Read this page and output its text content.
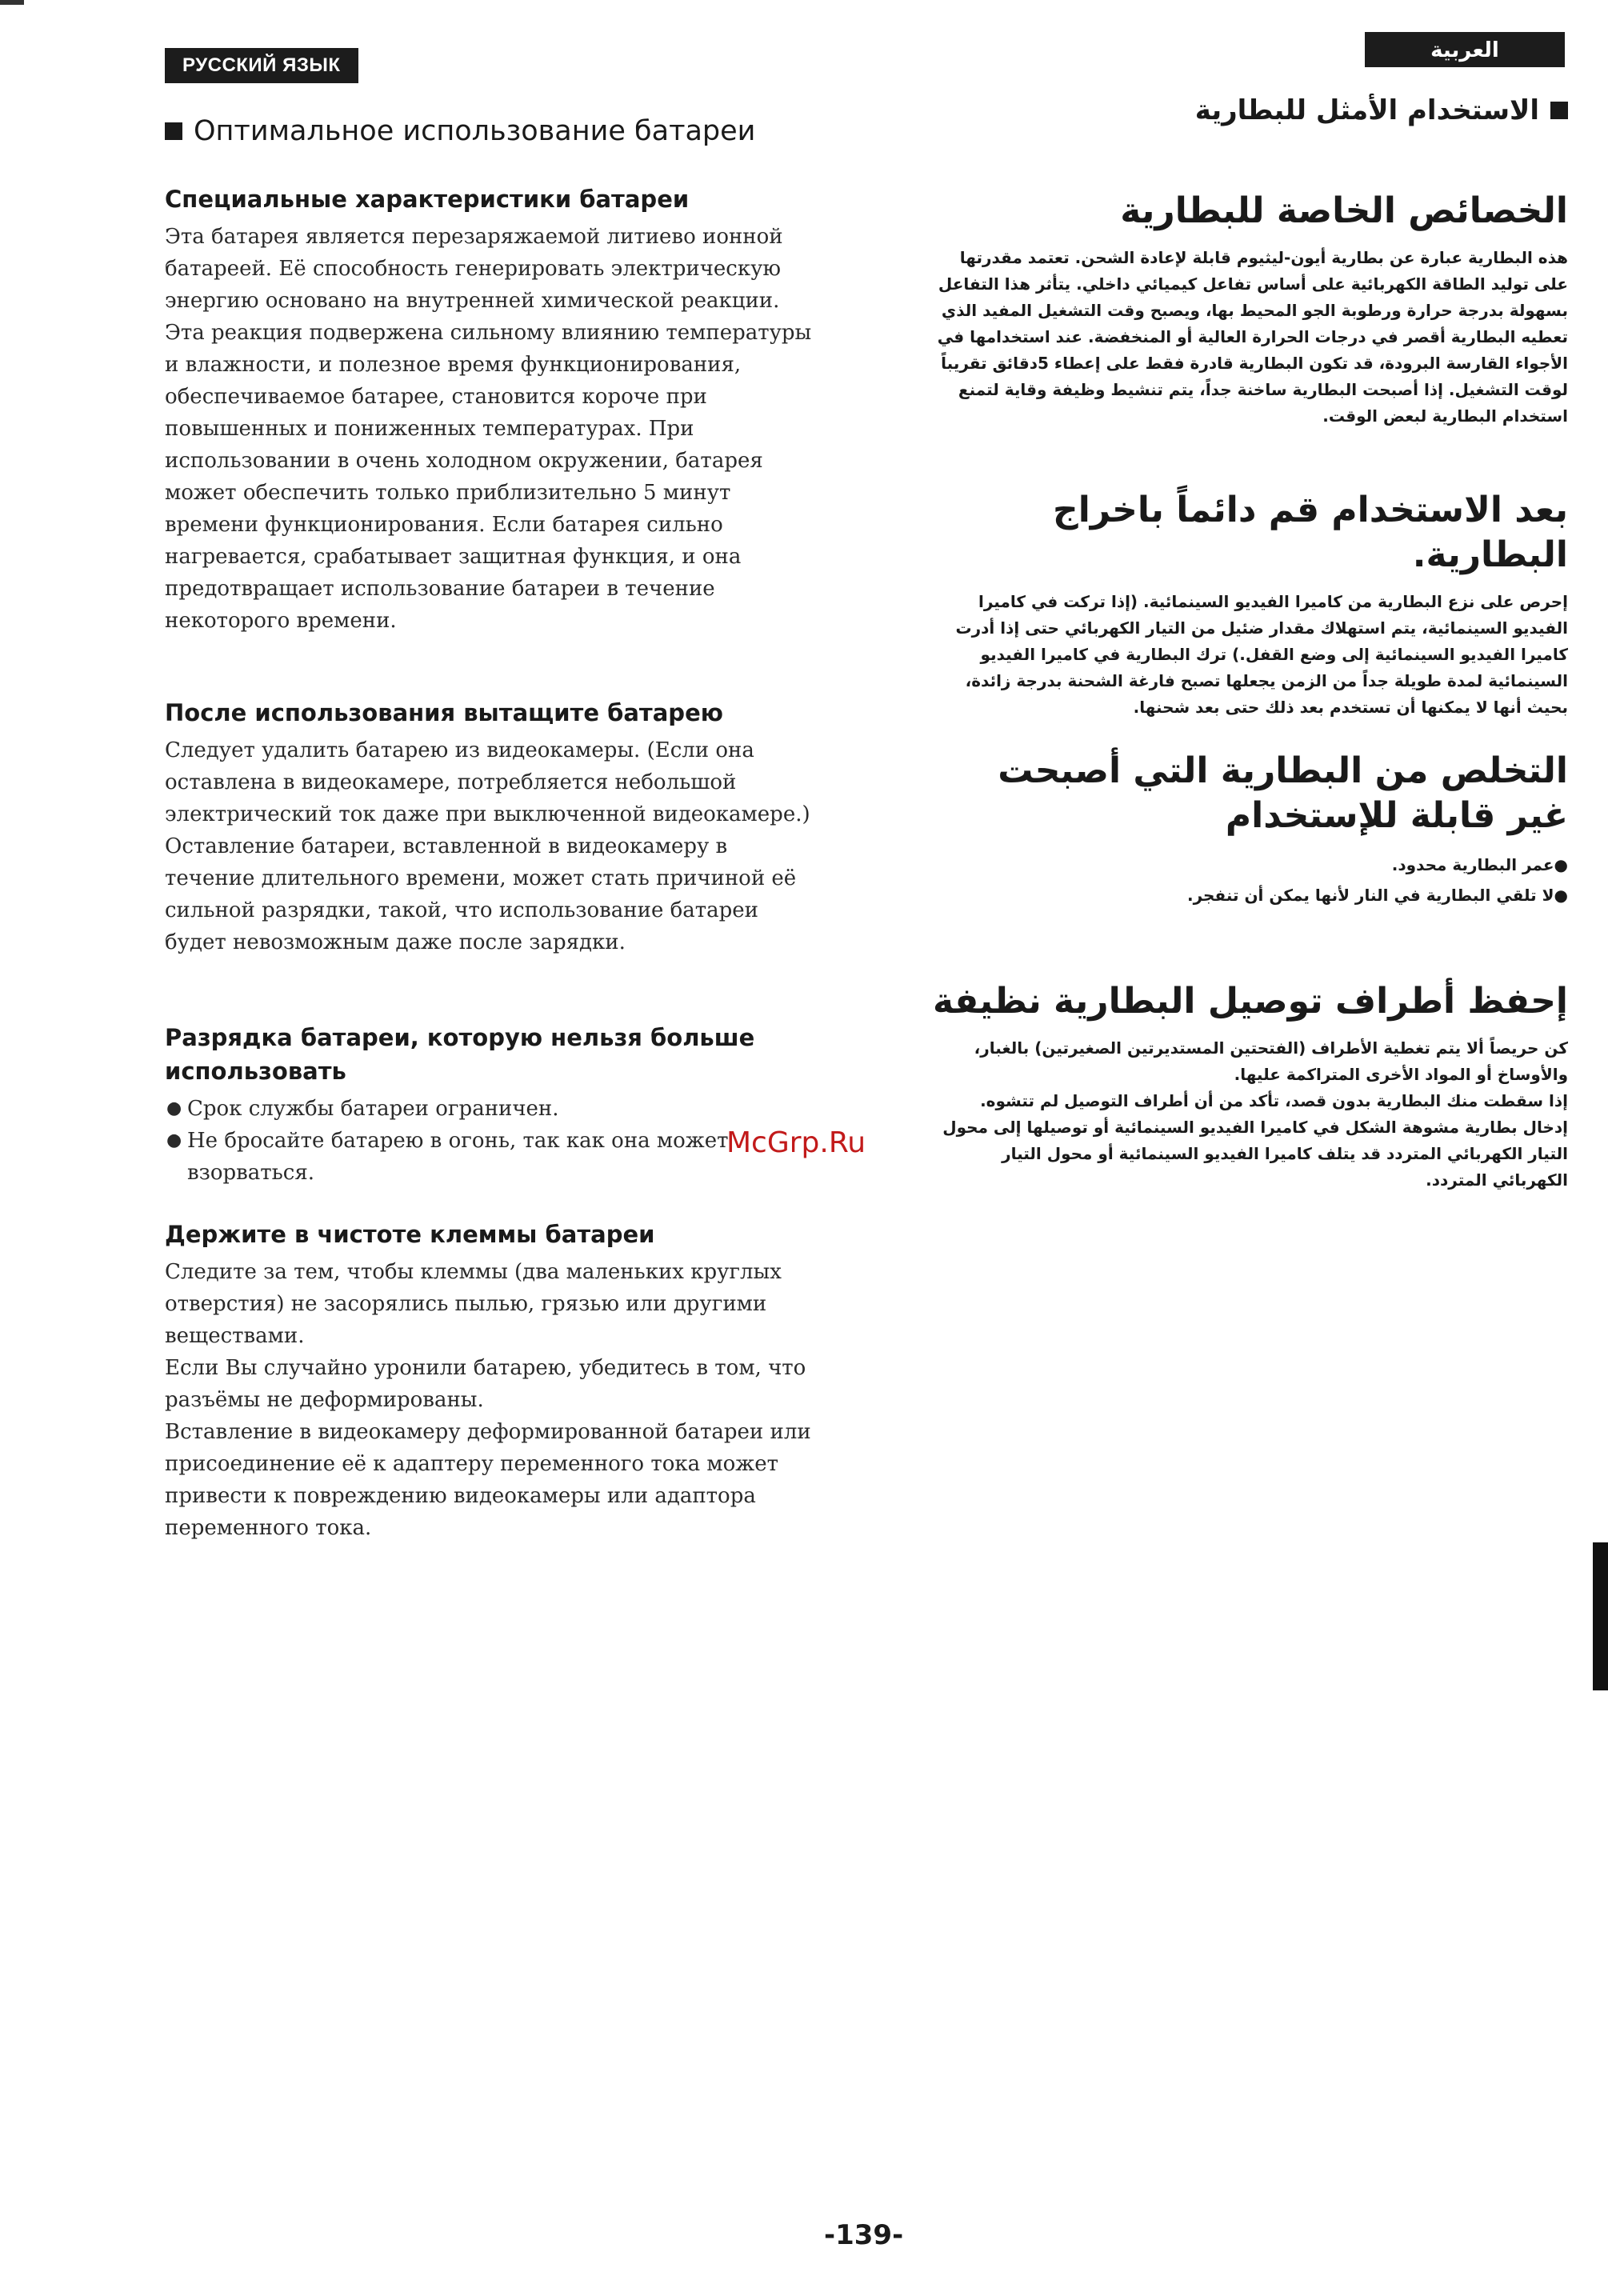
РУССКИЙ ЯЗЫК
Оптимальное использование батареи
Специальные характеристики батареи

Эта батарея является перезаряжаемой литиево ионной батареей. Её способность генерировать электрическую энергию основано на внутренней химической реакции. Эта реакция подвержена сильному влиянию температуры и влажности, и полезное время функционирования, обеспечиваемое батарее, становится короче при повышенных и пониженных температурах. При использовании в очень холодном окружении, батарея может обеспечить только приблизительно 5 минут времени функционирования. Если батарея сильно нагревается, срабатывает защитная функция, и она предотвращает использование батареи в течение некоторого времени.

После использования вытащите батарею

Следует удалить батарею из видеокамеры. (Если она оставлена в видеокамере, потребляется небольшой электрический ток даже при выключенной видеокамере.) Оставление батареи, вставленной в видеокамеру в течение длительного времени, может стать причиной её сильной разрядки, такой, что использование батареи будет невозможным даже после зарядки.

Разрядка батареи, которую нельзя больше использовать
● Срок службы батареи ограничен.
● Не бросайте батарею в огонь, так как она может взорваться.
Держите в чистоте клеммы батареи

Следите за тем, чтобы клеммы (два маленьких круглых отверстия) не засорялись пылью, грязью или другими веществами.

Если Вы случайно уронили батарею, убедитесь в том, что разъёмы не деформированы.

Вставление в видеокамеру деформированной батареи или присоединение её к адаптеру переменного тока может привести к повреждению видеокамеры или адаптора переменного тока.

العربية
الاستخدام الأمثل للبطارية
الخصائص الخاصة للبطارية

هذه البطارية عبارة عن بطارية أيون-ليثيوم قابلة لإعادة الشحن. تعتمد مقدرتها على توليد الطاقة الكهربائية على أساس تفاعل كيميائي داخلي. يتأثر هذا التفاعل بسهولة بدرجة حرارة ورطوبة الجو المحيط بها، ويصبح وقت التشغيل المفيد الذي تعطيه البطارية أقصر في درجات الحرارة العالية أو المنخفضة. عند استخدامها في الأجواء القارسة البرودة، قد تكون البطارية قادرة فقط على إعطاء 5دقائق تقريباً لوقت التشغيل. إذا أصبحت البطارية ساخنة جداً، يتم تنشيط وظيفة وقاية لتمنع استخدام البطارية لبعض الوقت.

بعد الاستخدام قم دائماً باخراج البطارية.

إحرص على نزع البطارية من كاميرا الفيديو السينمائية. (إذا تركت في كاميرا الفيديو السينمائية، يتم استهلاك مقدار ضئيل من التيار الكهربائي حتى إذا أدرت كاميرا الفيديو السينمائية إلى وضع القفل.) ترك البطارية في كاميرا الفيديو السينمائية لمدة طويلة جداً من الزمن يجعلها تصبح فارغة الشحنة بدرجة زائدة، بحيث أنها لا يمكنها أن تستخدم بعد ذلك حتى بعد شحنها.

التخلص من البطارية التي أصبحت غير قابلة للإستخدام
●عمر البطارية محدود.
●لا تلقي البطارية في النار لأنها يمكن أن تنفجر.
إحفظ أطراف توصيل البطارية نظيفة

كن حريصاً ألا يتم تغطية الأطراف (الفتحتين المستديرتين الصغيرتين) بالغبار، والأوساخ أو المواد الأخرى المتراكمة عليها.

إذا سقطت منك البطارية بدون قصد، تأكد من أن أطراف التوصيل لم تتشوه.

إدخال بطارية مشوهة الشكل في كاميرا الفيديو السينمائية أو توصيلها إلى محول التيار الكهربائي المتردد قد يتلف كاميرا الفيديو السينمائية أو محول التيار الكهربائي المتردد.

McGrp.Ru
-139-
